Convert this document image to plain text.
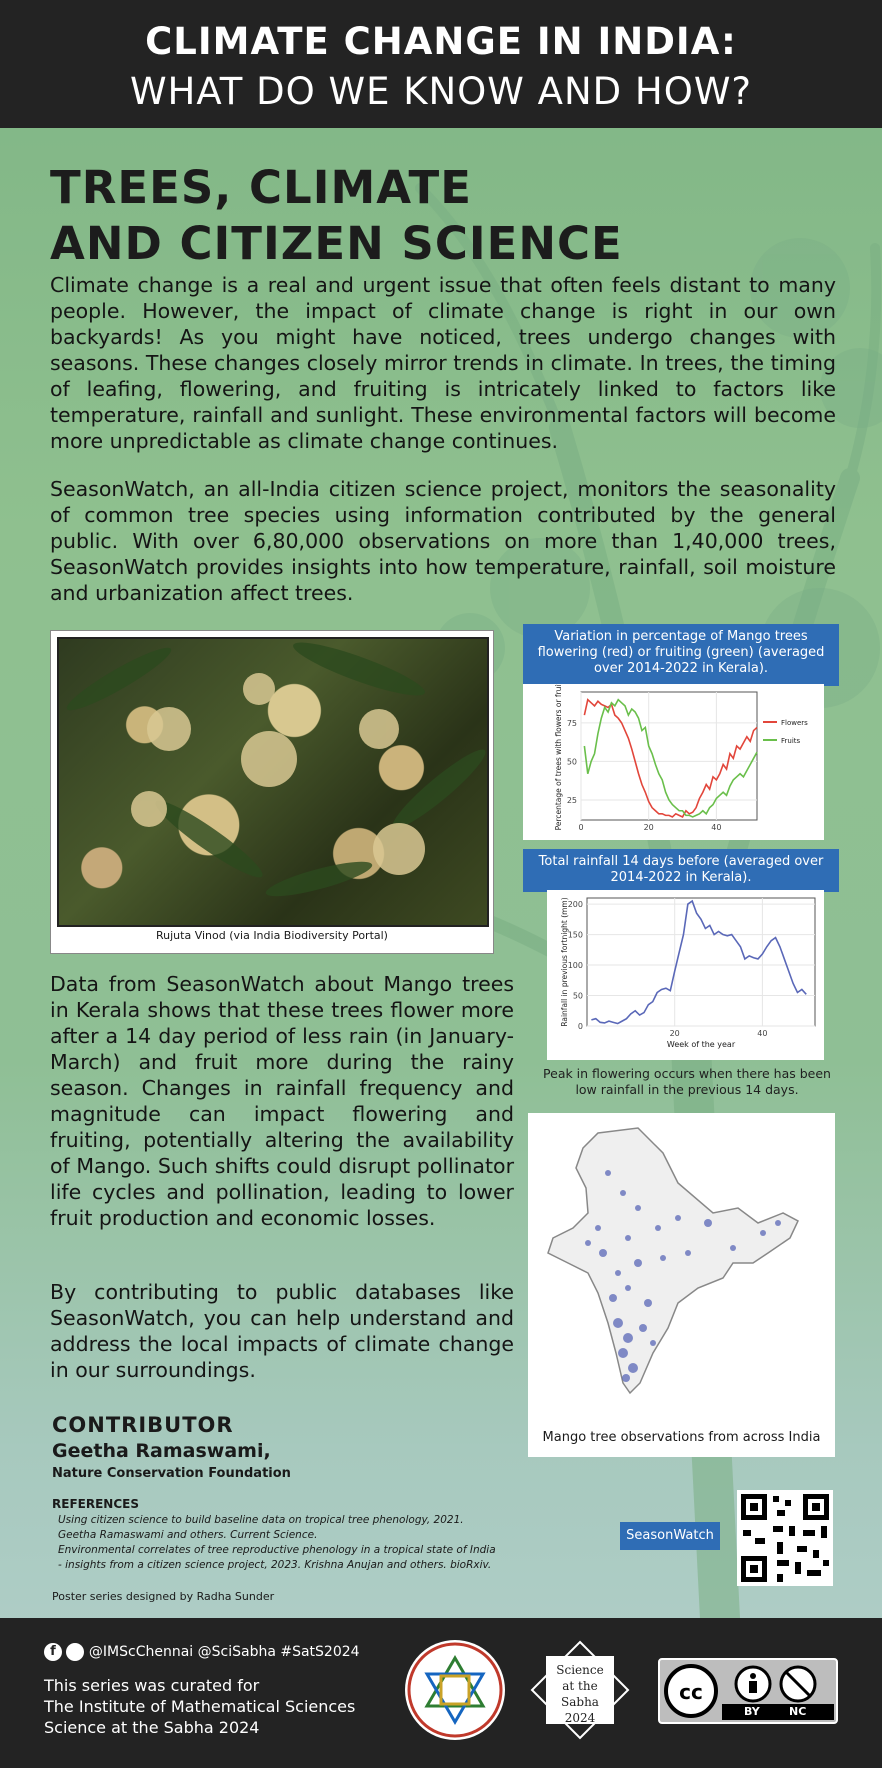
CLIMATE CHANGE IN INDIA:
WHAT DO WE KNOW AND HOW?
TREES, CLIMATE
AND CITIZEN SCIENCE
Climate change is a real and urgent issue that often feels distant to many people. However, the impact of climate change is right in our own backyards! As you might have noticed, trees undergo changes with seasons. These changes closely mirror trends in climate. In trees, the timing of leafing, flowering, and fruiting is intricately linked to factors like temperature, rainfall and sunlight. These environmental factors will become more unpredictable as climate change continues.
SeasonWatch, an all-India citizen science project, monitors the seasonality of common tree species using information contributed by the general public. With over 6,80,000 observations on more than 1,40,000 trees, SeasonWatch provides insights into how temperature, rainfall, soil moisture and urbanization affect trees.
Rujuta Vinod (via India Biodiversity Portal)
Variation in percentage of Mango trees flowering (red) or fruiting (green) (averaged over 2014-2022 in Kerala).
25
50
75
0	20	40
Percentage of trees with flowers or fruit	Flowers
Fruits
Total rainfall 14 days before (averaged over 2014-2022 in Kerala).
0
50
100
150
200
20	40
Rainfall in previous fortnight (mm)
Week of the year
Peak in flowering occurs when there has been low rainfall in the previous 14 days.
Mango tree observations from across India
Data from SeasonWatch about Mango trees in Kerala shows that these trees flower more after a 14 day period of less rain (in January-March) and fruit more during the rainy season. Changes in rainfall frequency and magnitude can impact flowering and fruiting, potentially altering the availability of Mango. Such shifts could disrupt pollinator life cycles and pollination, leading to lower fruit production and economic losses.
By contributing to public databases like SeasonWatch, you can help understand and address the local impacts of climate change in our surroundings.
CONTRIBUTOR
Geetha Ramaswami,
Nature Conservation Foundation
REFERENCES
Using citizen science to build baseline data on tropical tree phenology, 2021. Geetha Ramaswami and others. Current Science.
Environmental correlates of tree reproductive phenology in a tropical state of India - insights from a citizen science project, 2023. Krishna Anujan and others. bioRxiv.
Poster series designed by Radha Sunder
SeasonWatch
f @IMScChennai @SciSabha #SatS2024
This series was curated for
The Institute of Mathematical Sciences
Science at the Sabha 2024
Science at the Sabha 2024
cc
BY	NC
